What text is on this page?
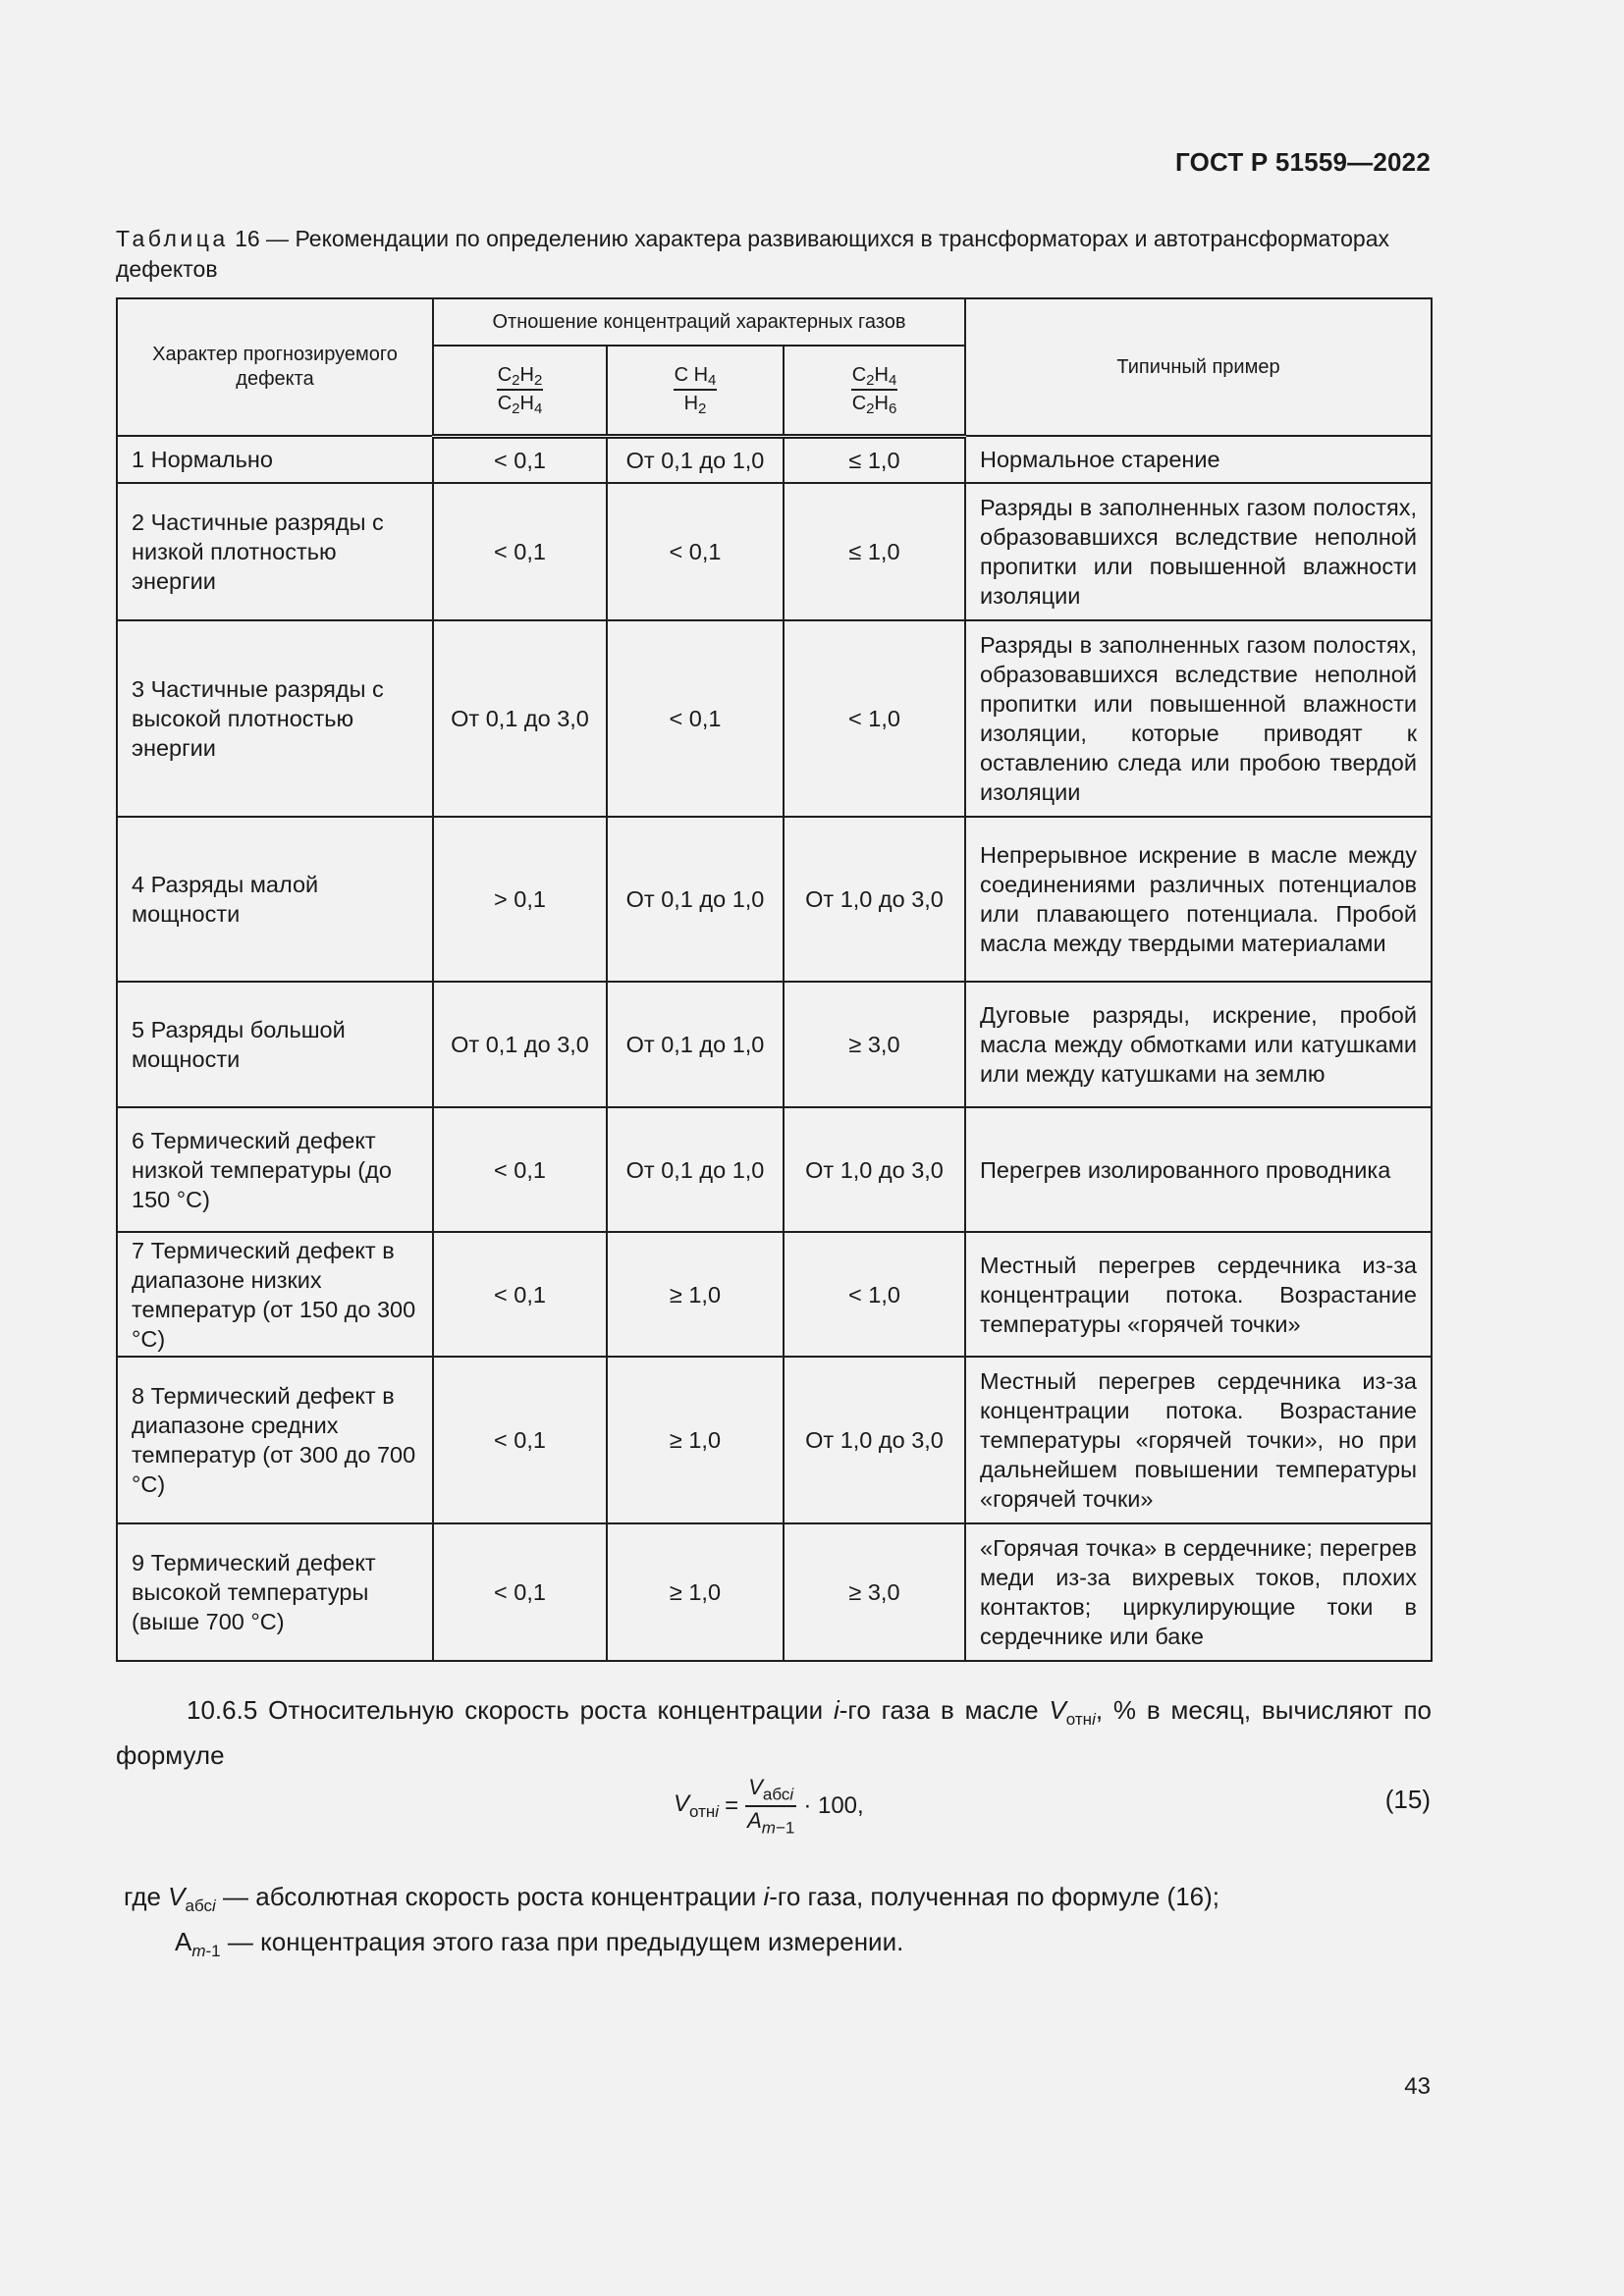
ГОСТ Р 51559—2022
Таблица 16 — Рекомендации по определению характера развивающихся в трансформаторах и автотрансформаторах дефектов
Характер прогнозируемого дефекта	Отношение концентраций характерных газов			Типичный пример

	$\frac{C_2H_2}{C_2H_4}$	$\frac{C H_4}{H_2}$	$\frac{C_2H_4}{C_2H_6}$

1 Нормально	< 0,1	От 0,1 до 1,0	≤ 1,0	Нормальное старение
2 Частичные разряды с низкой плотностью энергии	< 0,1	< 0,1	≤ 1,0	Разряды в заполненных газом полостях, образовавшихся вследствие неполной пропитки или повышенной влажности изоляции
3 Частичные разряды с высокой плотностью энергии	От 0,1 до 3,0	< 0,1	< 1,0	Разряды в заполненных газом полостях, образовавшихся вследствие неполной пропитки или повышенной влажности изоляции, которые приводят к оставлению следа или пробою твердой изоляции
4 Разряды малой мощности	> 0,1	От 0,1 до 1,0	От 1,0 до 3,0	Непрерывное искрение в масле между соединениями различных потенциалов или плавающего потенциала. Пробой масла между твердыми материалами
5 Разряды большой мощности	От 0,1 до 3,0	От 0,1 до 1,0	≥ 3,0	Дуговые разряды, искрение, пробой масла между обмотками или катушками или между катушками на землю
6 Термический дефект низкой температуры (до 150 °С)	< 0,1	От 0,1 до 1,0	От 1,0 до 3,0	Перегрев изолированного проводника
7 Термический дефект в диапазоне низких температур (от 150 до 300 °С)	< 0,1	≥ 1,0	< 1,0	Местный перегрев сердечника из-за концентрации потока. Возрастание температуры «горячей точки»
8 Термический дефект в диапазоне средних температур (от 300 до 700 °С)	< 0,1	≥ 1,0	От 1,0 до 3,0	Местный перегрев сердечника из-за концентрации потока. Возрастание температуры «горячей точки», но при дальнейшем повышении температуры «горячей точки»
9 Термический дефект высокой температуры (выше 700 °С)	< 0,1	≥ 1,0	≥ 3,0	«Горячая точка» в сердечнике; перегрев меди из-за вихревых токов, плохих контактов; циркулирующие токи в сердечнике или баке
10.6.5 Относительную скорость роста концентрации i-го газа в масле $V_{отнi}$, % в месяц, вычисляют по формуле
$V_{отнi}$ =
$V_{абсi}$
$A_{m-1}$
· 100,	(15)
где $V_{абсi}$ — абсолютная скорость роста концентрации i-го газа, полученная по формуле (16);
$A_{m-1}$ — концентрация этого газа при предыдущем измерении.
43
